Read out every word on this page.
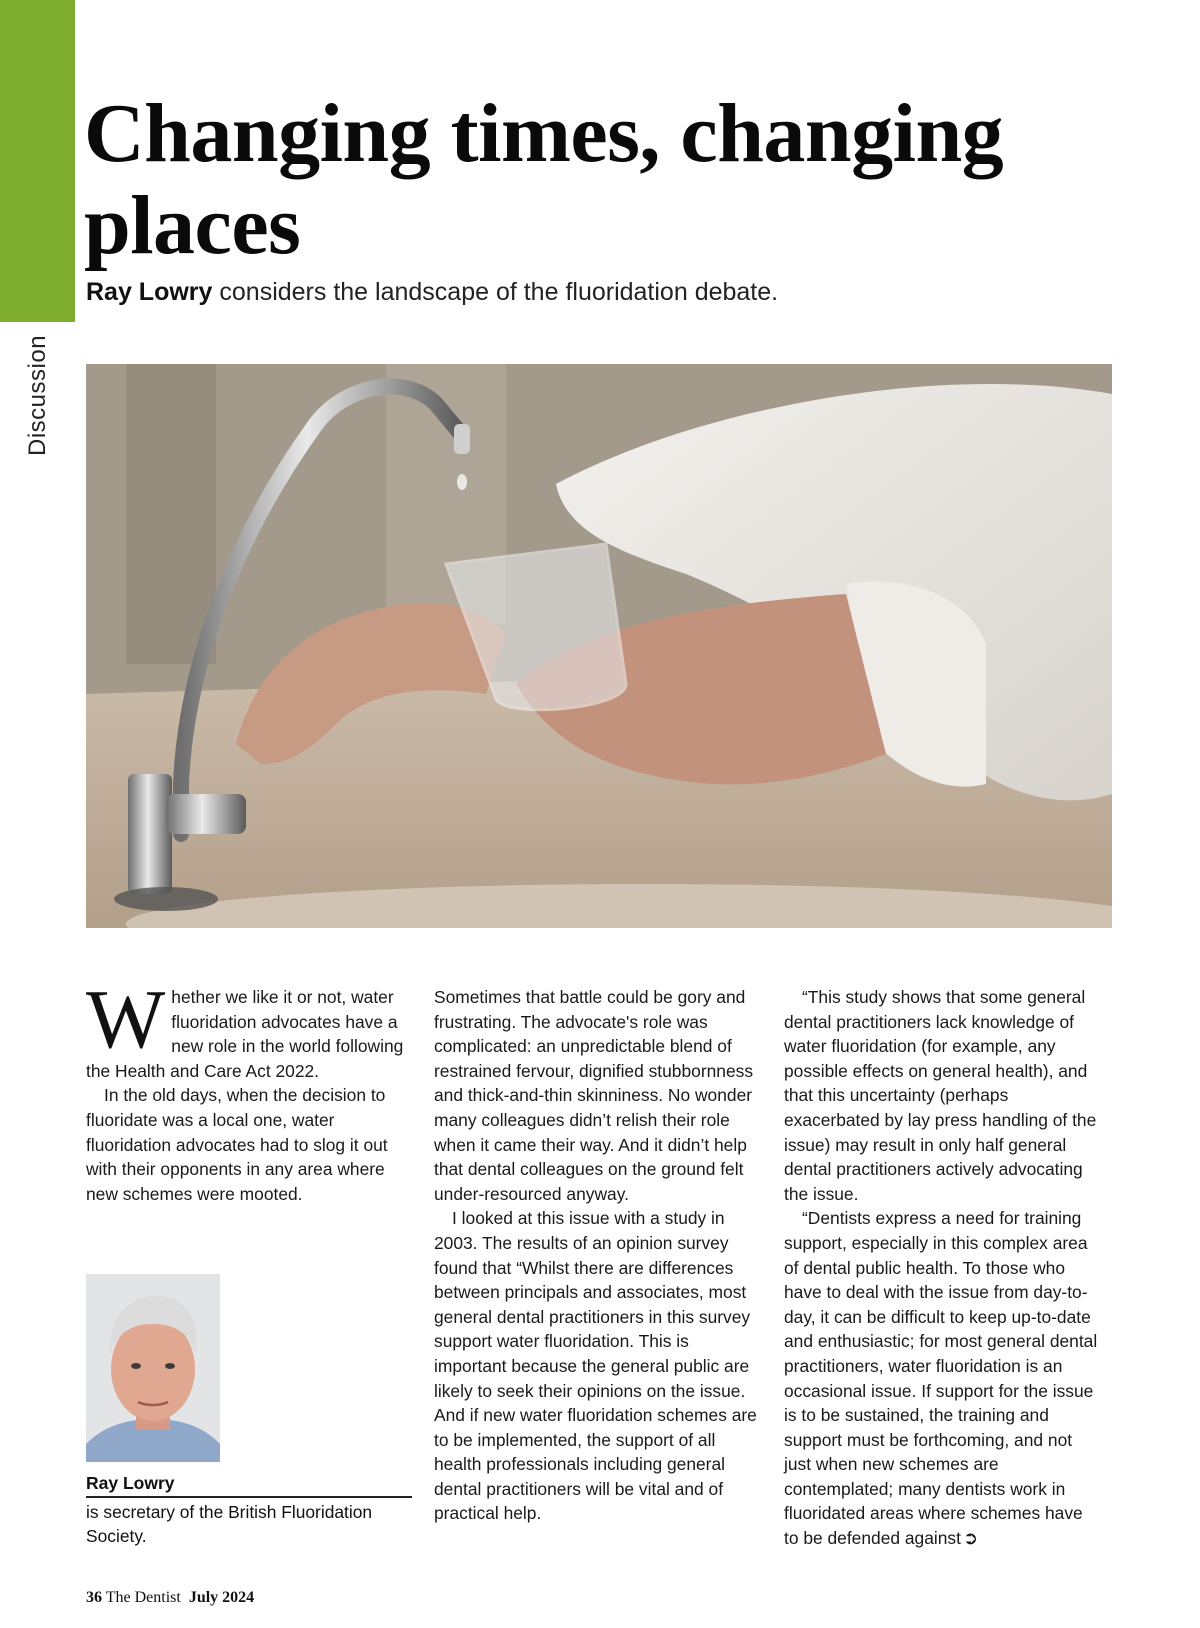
Discussion
Changing times, changing places

Ray Lowry considers the landscape of the fluoridation debate.

Whether we like it or not, water fluoridation advocates have a new role in the world following the Health and Care Act 2022.

In the old days, when the decision to fluoridate was a local one, water fluoridation advocates had to slog it out with their opponents in any area where new schemes were mooted.

Sometimes that battle could be gory and frustrating. The advocate's role was complicated: an unpredictable blend of restrained fervour, dignified stubbornness and thick-and-thin skinniness. No wonder many colleagues didn’t relish their role when it came their way. And it didn’t help that dental colleagues on the ground felt under-resourced anyway.

I looked at this issue with a study in 2003. The results of an opinion survey found that “Whilst there are differences between principals and associates, most general dental practitioners in this survey support water fluoridation. This is important because the general public are likely to seek their opinions on the issue. And if new water fluoridation schemes are to be implemented, the support of all health professionals including general dental practitioners will be vital and of practical help.

“This study shows that some general dental practitioners lack knowledge of water fluoridation (for example, any possible effects on general health), and that this uncertainty (perhaps exacerbated by lay press handling of the issue) may result in only half general dental practitioners actively advocating the issue.

“Dentists express a need for training support, especially in this complex area of dental public health. To those who have to deal with the issue from day-to-day, it can be difficult to keep up-to-date and enthusiastic; for most general dental practitioners, water fluoridation is an occasional issue. If support for the issue is to be sustained, the training and support must be forthcoming, and not just when new schemes are contemplated; many dentists work in fluoridated areas where schemes have to be defended against ➲

Ray Lowry

is secretary of the British Fluoridation Society.

36 The Dentist July 2024
